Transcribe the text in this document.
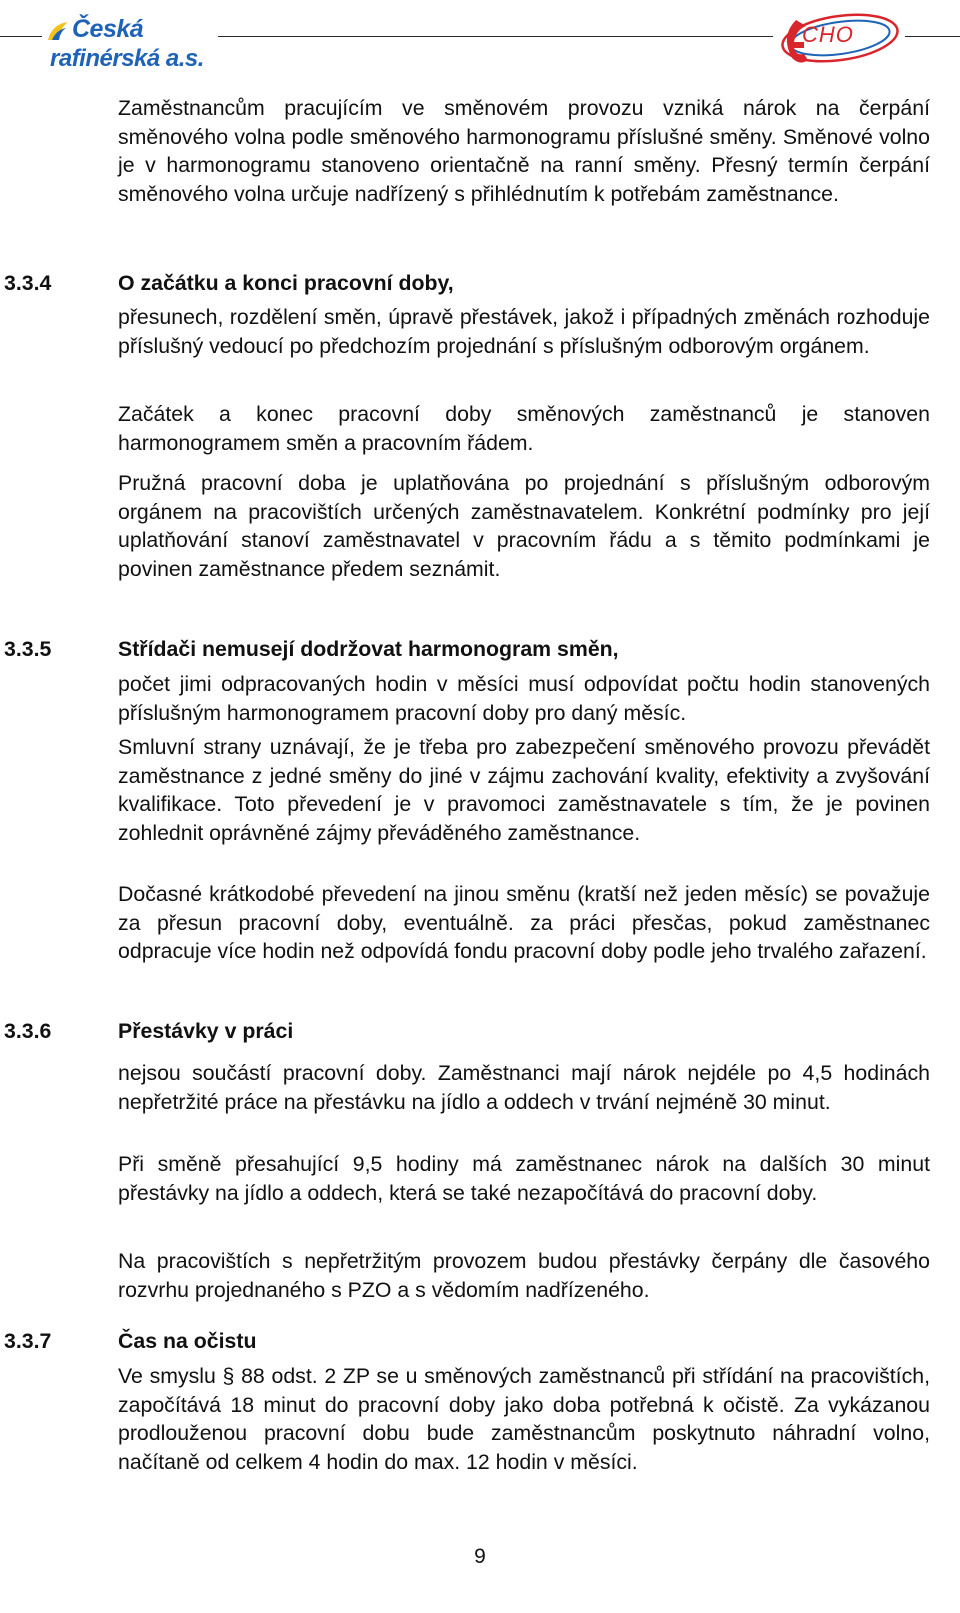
Česká
rafinérská a.s.
CHO
Zaměstnancům pracujícím ve směnovém provozu vzniká nárok na čerpání směnového volna podle směnového harmonogramu příslušné směny. Směnové volno je v harmonogramu stanoveno orientačně na ranní směny. Přesný termín čerpání směnového volna určuje nadřízený s přihlédnutím k potřebám zaměstnance.
3.3.4	O začátku a konci pracovní doby,
přesunech, rozdělení směn, úpravě přestávek, jakož i případných změnách rozhoduje příslušný vedoucí po předchozím projednání s příslušným odborovým orgánem.
Začátek a konec pracovní doby směnových zaměstnanců je stanoven harmonogramem směn a pracovním řádem.
Pružná pracovní doba je uplatňována po projednání s příslušným odborovým orgánem na pracovištích určených zaměstnavatelem. Konkrétní podmínky pro její uplatňování stanoví zaměstnavatel v pracovním řádu a s těmito podmínkami je povinen zaměstnance předem seznámit.
3.3.5	Střídači nemusejí dodržovat harmonogram směn,
počet jimi odpracovaných hodin v měsíci musí odpovídat počtu hodin stanovených příslušným harmonogramem pracovní doby pro daný měsíc.
Smluvní strany uznávají, že je třeba pro zabezpečení směnového provozu převádět zaměstnance z jedné směny do jiné v zájmu zachování kvality, efektivity a zvyšování kvalifikace. Toto převedení je v pravomoci zaměstnavatele s tím, že je povinen zohlednit oprávněné zájmy převáděného zaměstnance.
Dočasné krátkodobé převedení na jinou směnu (kratší než jeden měsíc) se považuje za přesun pracovní doby, eventuálně. za práci přesčas, pokud zaměstnanec odpracuje více hodin než odpovídá fondu pracovní doby podle jeho trvalého zařazení.
3.3.6	Přestávky v práci
nejsou součástí pracovní doby. Zaměstnanci mají nárok nejdéle po 4,5 hodinách nepřetržité práce na přestávku na jídlo a oddech v trvání nejméně 30 minut.
Při směně přesahující 9,5 hodiny má zaměstnanec nárok na dalších 30 minut přestávky na jídlo a oddech, která se také nezapočítává do pracovní doby.
Na pracovištích s nepřetržitým provozem budou přestávky čerpány dle časového rozvrhu projednaného s PZO a s vědomím nadřízeného.
3.3.7	Čas na očistu
Ve smyslu § 88 odst. 2 ZP se u směnových zaměstnanců při střídání na pracovištích, započítává 18 minut do pracovní doby jako doba potřebná k očistě. Za vykázanou prodlouženou pracovní dobu bude zaměstnancům poskytnuto náhradní volno, načítaně od celkem 4 hodin do max. 12 hodin v měsíci.
9
